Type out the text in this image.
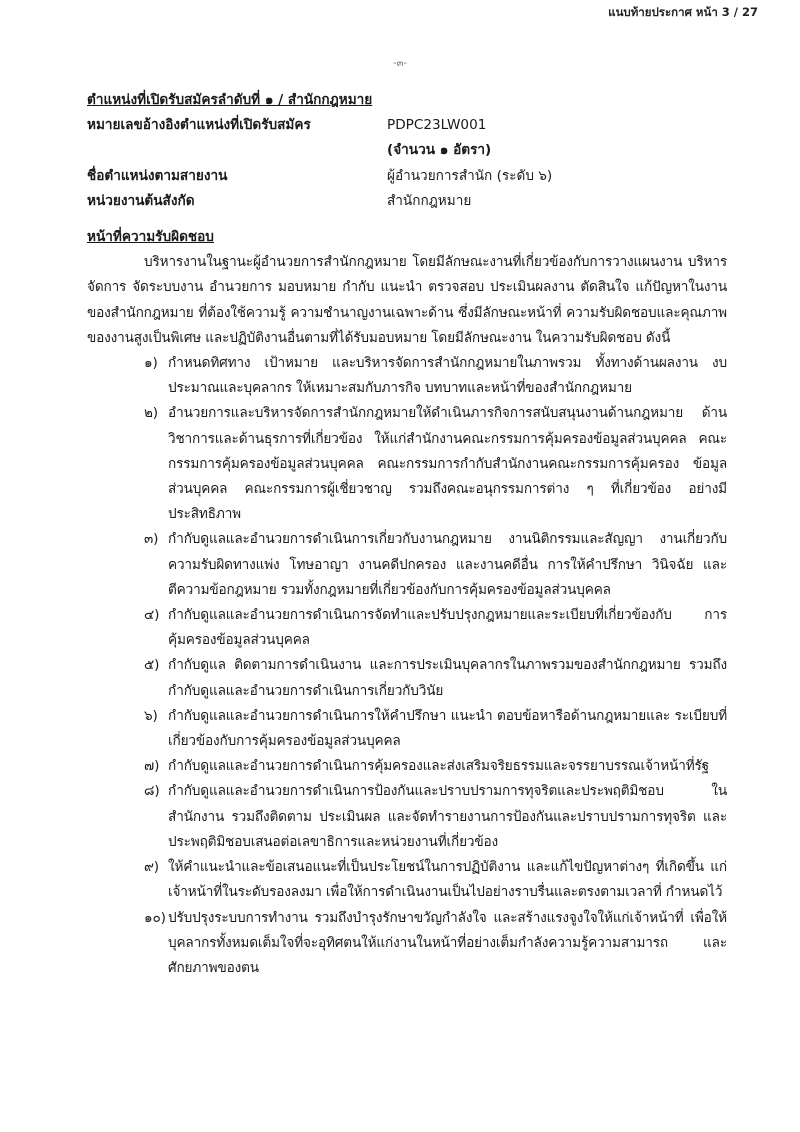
แนบท้ายประกาศ หน้า 3 / 27
-๓-
ตำแหน่งที่เปิดรับสมัครลำดับที่ ๑ / สำนักกฎหมาย
หมายเลขอ้างอิงตำแหน่งที่เปิดรับสมัคร	PDPC23LW001
(จำนวน ๑ อัตรา)
ชื่อตำแหน่งตามสายงาน	ผู้อำนวยการสำนัก (ระดับ ๖)
หน่วยงานต้นสังกัด	สำนักกฎหมาย
หน้าที่ความรับผิดชอบ
บริหารงานในฐานะผู้อำนวยการสำนักกฎหมาย โดยมีลักษณะงานที่เกี่ยวข้องกับการวางแผนงาน บริหารจัดการ จัดระบบงาน อำนวยการ มอบหมาย กำกับ แนะนำ ตรวจสอบ ประเมินผลงาน ตัดสินใจ แก้ปัญหาในงานของสำนักกฎหมาย ที่ต้องใช้ความรู้ ความชำนาญงานเฉพาะด้าน ซึ่งมีลักษณะหน้าที่ ความรับผิดชอบและคุณภาพของงานสูงเป็นพิเศษ และปฏิบัติงานอื่นตามที่ได้รับมอบหมาย โดยมีลักษณะงาน ในความรับผิดชอบ ดังนี้
๑) กำหนดทิศทาง เป้าหมาย และบริหารจัดการสำนักกฎหมายในภาพรวม ทั้งทางด้านผลงาน งบประมาณและบุคลากร ให้เหมาะสมกับภารกิจ บทบาทและหน้าที่ของสำนักกฎหมาย
๒) อำนวยการและบริหารจัดการสำนักกฎหมายให้ดำเนินภารกิจการสนับสนุนงานด้านกฎหมาย ด้านวิชาการและด้านธุรการที่เกี่ยวข้อง ให้แก่สำนักงานคณะกรรมการคุ้มครองข้อมูลส่วนบุคคล คณะกรรมการคุ้มครองข้อมูลส่วนบุคคล คณะกรรมการกำกับสำนักงานคณะกรรมการคุ้มครอง ข้อมูลส่วนบุคคล คณะกรรมการผู้เชี่ยวชาญ รวมถึงคณะอนุกรรมการต่าง ๆ ที่เกี่ยวข้อง อย่างมี ประสิทธิภาพ
๓) กำกับดูแลและอำนวยการดำเนินการเกี่ยวกับงานกฎหมาย งานนิติกรรมและสัญญา งานเกี่ยวกับ ความรับผิดทางแพ่ง โทษอาญา งานคดีปกครอง และงานคดีอื่น การให้คำปรึกษา วินิจฉัย และ ตีความข้อกฎหมาย รวมทั้งกฎหมายที่เกี่ยวข้องกับการคุ้มครองข้อมูลส่วนบุคคล
๔) กำกับดูแลและอำนวยการดำเนินการจัดทำและปรับปรุงกฎหมายและระเบียบที่เกี่ยวข้องกับ การคุ้มครองข้อมูลส่วนบุคคล
๕) กำกับดูแล ติดตามการดำเนินงาน และการประเมินบุคลากรในภาพรวมของสำนักกฎหมาย รวมถึงกำกับดูแลและอำนวยการดำเนินการเกี่ยวกับวินัย
๖) กำกับดูแลและอำนวยการดำเนินการให้คำปรึกษา แนะนำ ตอบข้อหารือด้านกฎหมายและ ระเบียบที่เกี่ยวข้องกับการคุ้มครองข้อมูลส่วนบุคคล
๗) กำกับดูแลและอำนวยการดำเนินการคุ้มครองและส่งเสริมจริยธรรมและจรรยาบรรณเจ้าหน้าที่รัฐ
๘) กำกับดูแลและอำนวยการดำเนินการป้องกันและปราบปรามการทุจริตและประพฤติมิชอบ ในสำนักงาน รวมถึงติดตาม ประเมินผล และจัดทำรายงานการป้องกันและปราบปรามการทุจริต และประพฤติมิชอบเสนอต่อเลขาธิการและหน่วยงานที่เกี่ยวข้อง
๙) ให้คำแนะนำและข้อเสนอแนะที่เป็นประโยชน์ในการปฏิบัติงาน และแก้ไขปัญหาต่างๆ ที่เกิดขึ้น แก่เจ้าหน้าที่ในระดับรองลงมา เพื่อให้การดำเนินงานเป็นไปอย่างราบรื่นและตรงตามเวลาที่ กำหนดไว้
๑๐) ปรับปรุงระบบการทำงาน รวมถึงบำรุงรักษาขวัญกำลังใจ และสร้างแรงจูงใจให้แก่เจ้าหน้าที่ เพื่อให้บุคลากรทั้งหมดเต็มใจที่จะอุทิศตนให้แก่งานในหน้าที่อย่างเต็มกำลังความรู้ความสามารถ และศักยภาพของตน
